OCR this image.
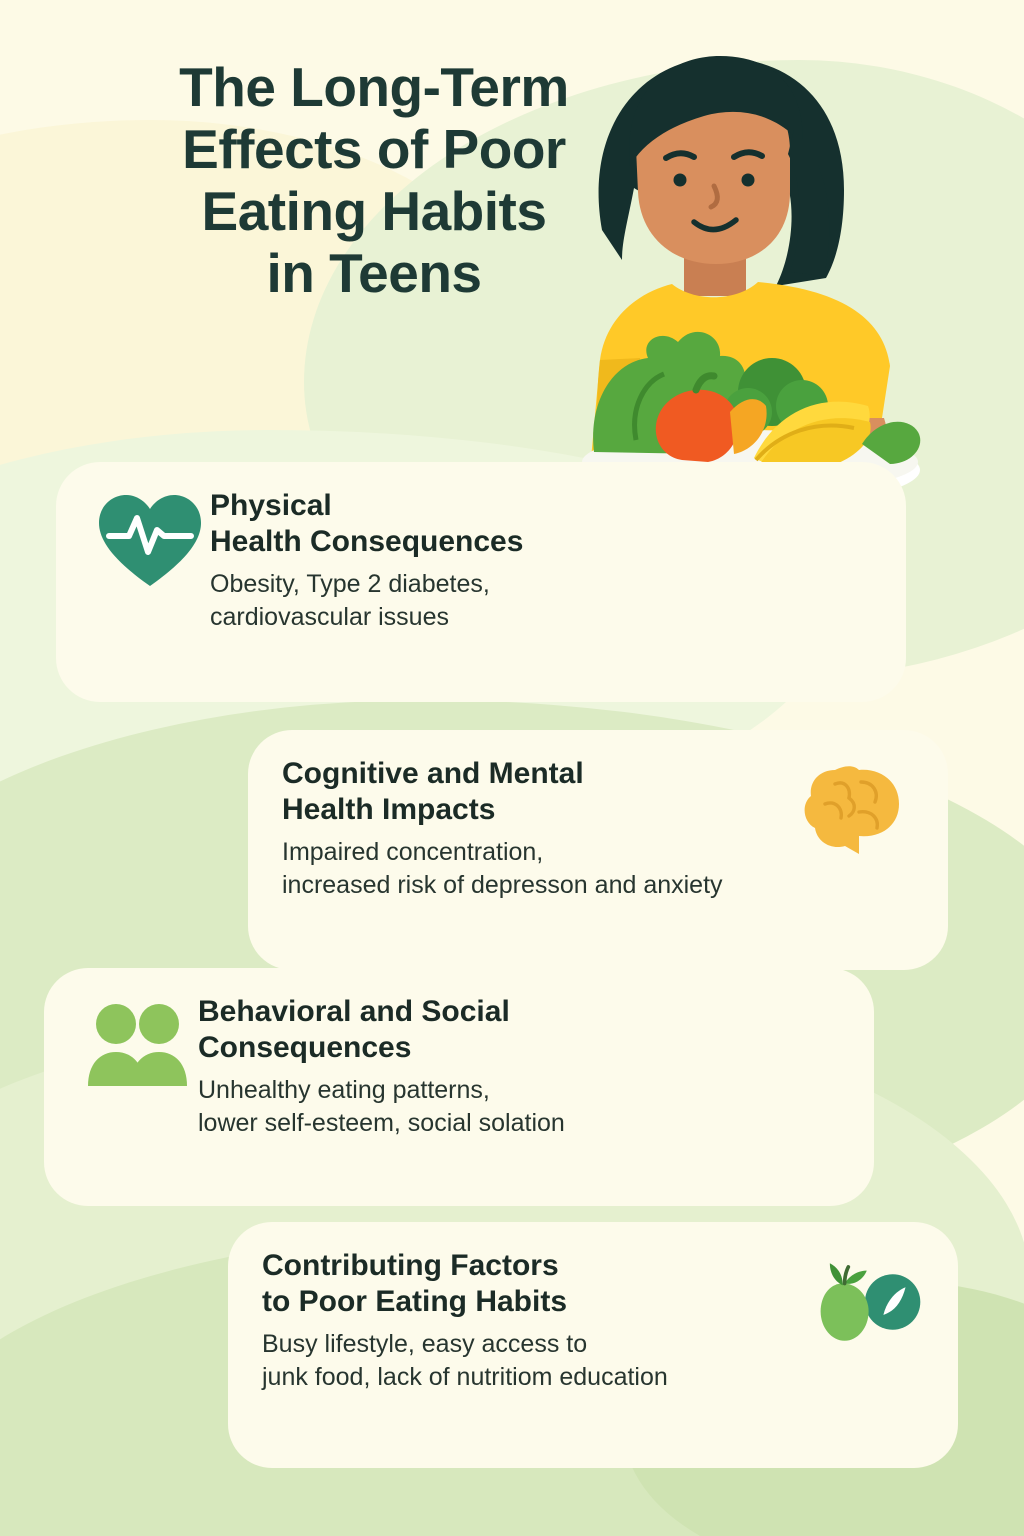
The Long-Term
Effects of Poor
Eating Habits
in Teens
Physical
Health Consequences
Obesity, Type 2 diabetes,
cardiovascular issues
Cognitive and Mental
Health Impacts
Impaired concentration,
increased risk of depresson and anxiety
Behavioral and Social
Consequences
Unhealthy eating patterns,
lower self-esteem, social solation
Contributing Factors
to Poor Eating Habits
Busy lifestyle, easy access to
junk food, lack of nutritiom education
